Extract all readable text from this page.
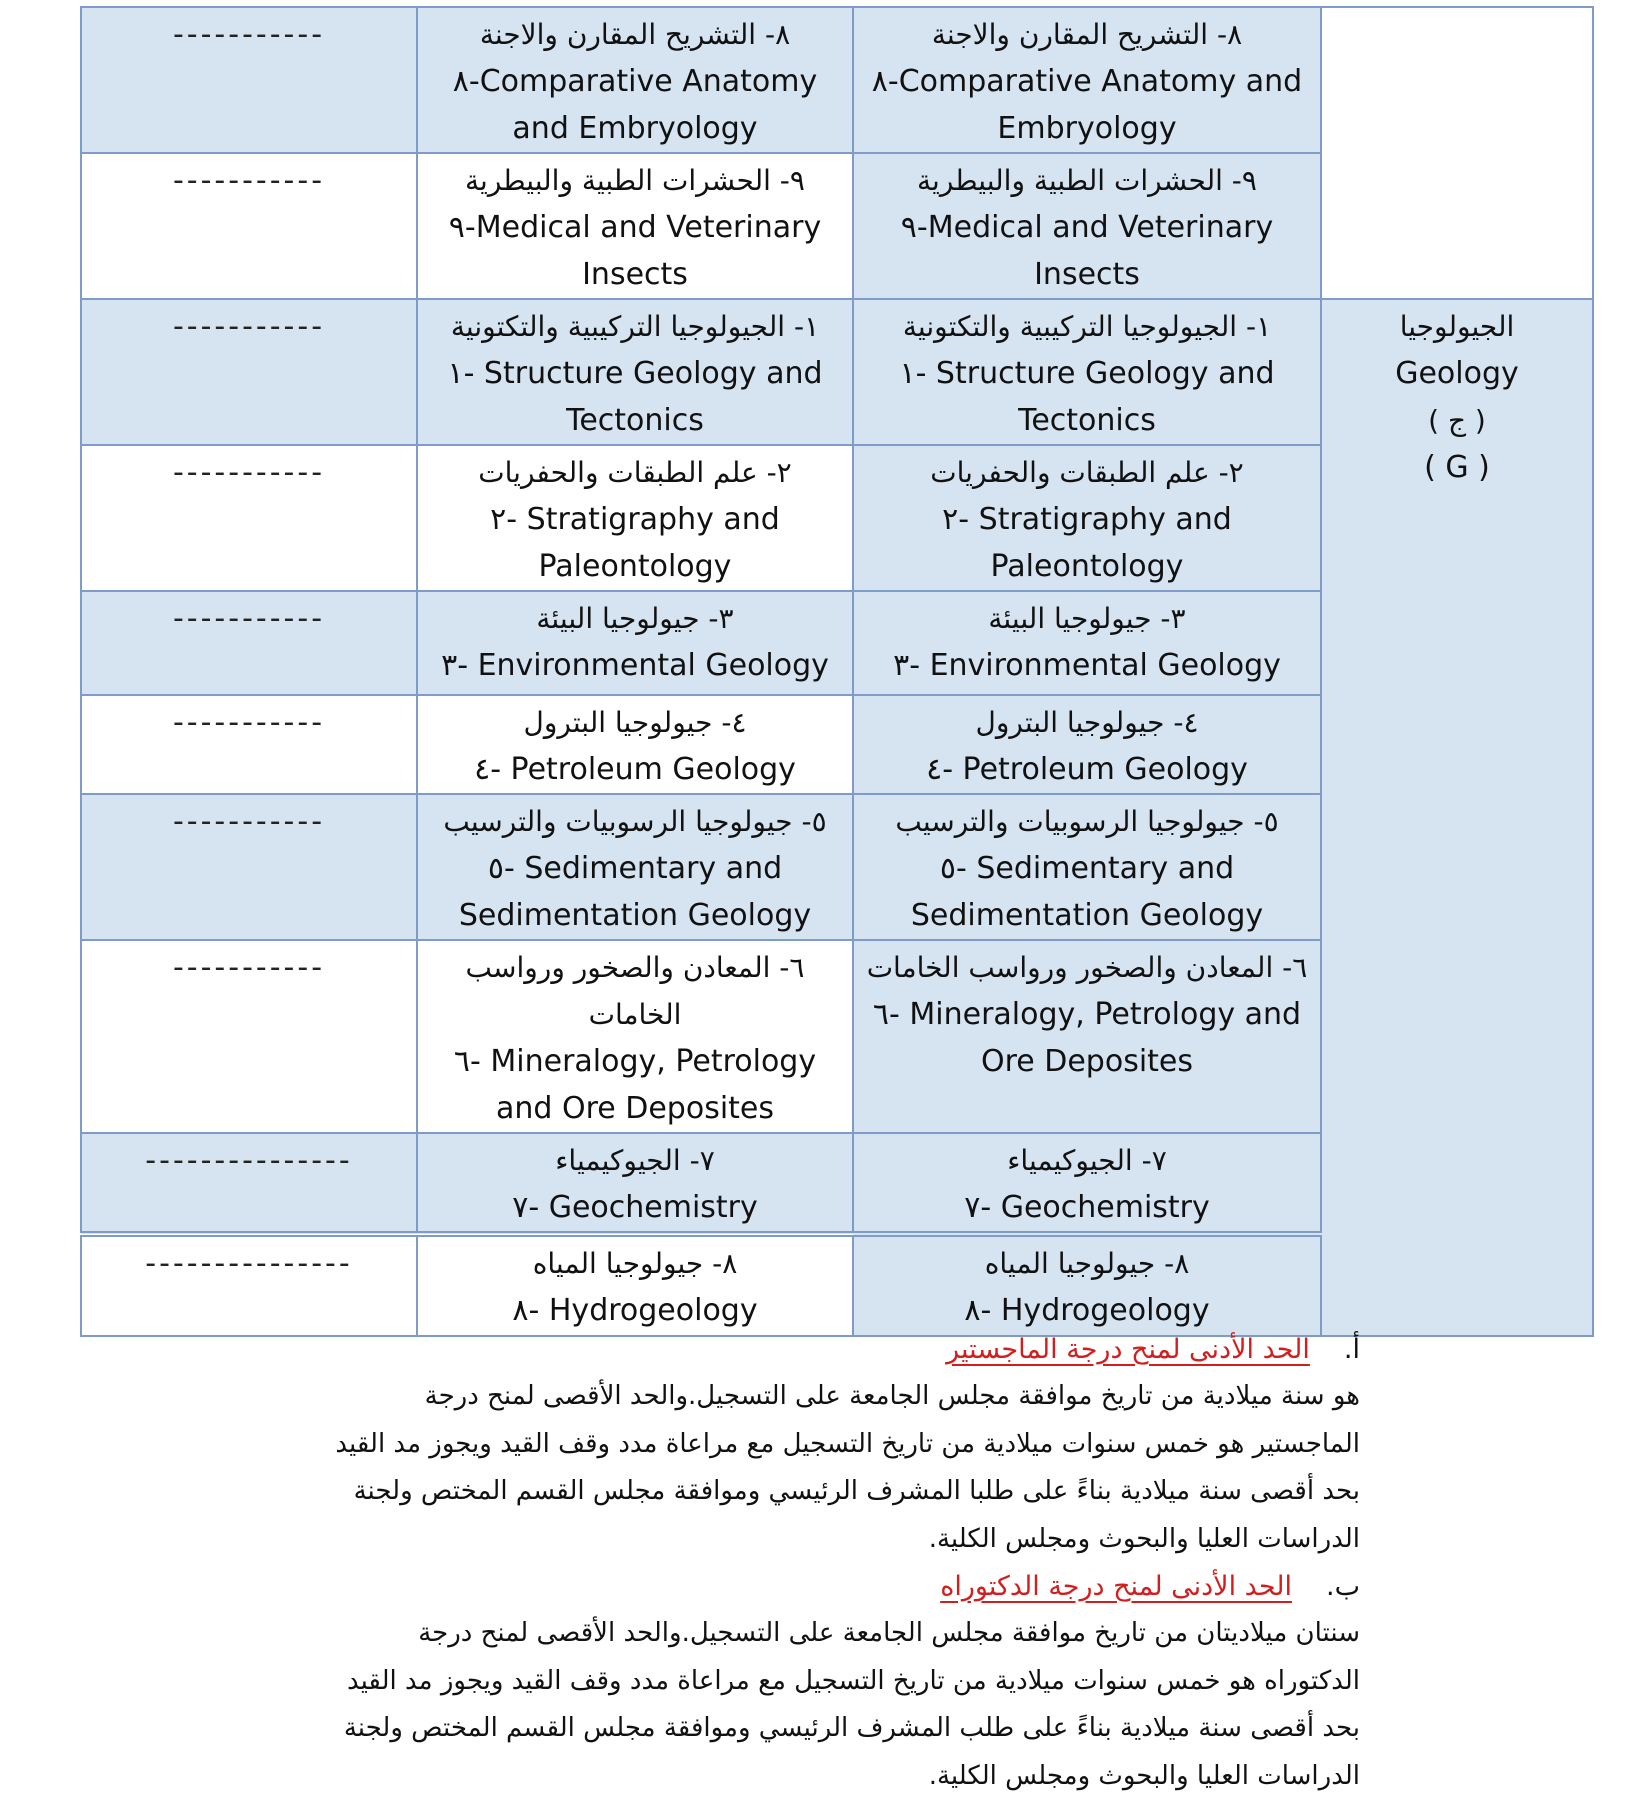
-----------	٨- التشريح المقارن والاجنة
٨-Comparative Anatomy
and Embryology	٨- التشريح المقارن والاجنة
٨-Comparative Anatomy and
Embryology	

-----------	٩- الحشرات الطبية والبيطرية
٩-Medical and Veterinary
Insects	٩- الحشرات الطبية والبيطرية
٩-Medical and Veterinary
Insects	

-----------	١- الجيولوجيا التركيبية والتكتونية
١- Structure Geology and
Tectonics	١- الجيولوجيا التركيبية والتكتونية
١- Structure Geology and
Tectonics	الجيولوجيا
Geology
( ج )
( G )

-----------	٢- علم الطبقات والحفريات
٢- Stratigraphy and
Paleontology	٢- علم الطبقات والحفريات
٢- Stratigraphy and
Paleontology	

-----------	٣- جيولوجيا البيئة
٣- Environmental Geology	٣- جيولوجيا البيئة
٣- Environmental Geology	

-----------	٤- جيولوجيا البترول
٤- Petroleum Geology	٤- جيولوجيا البترول
٤- Petroleum Geology	

-----------	٥- جيولوجيا الرسوبيات والترسيب
٥- Sedimentary and
Sedimentation Geology	٥- جيولوجيا الرسوبيات والترسيب
٥- Sedimentary and
Sedimentation Geology	

-----------	٦- المعادن والصخور ورواسب
الخامات
٦- Mineralogy, Petrology
and Ore Deposites	٦- المعادن والصخور ورواسب الخامات
٦- Mineralogy, Petrology and
Ore Deposites	

---------------	٧- الجيوكيمياء
٧- Geochemistry	٧- الجيوكيمياء
٧- Geochemistry	

---------------	٨- جيولوجيا المياه
٨- Hydrogeology	٨- جيولوجيا المياه
٨- Hydrogeology	
أ.الحد الأدنى لمنح درجة الماجستير
هو سنة ميلادية من تاريخ موافقة مجلس الجامعة على التسجيل.والحد الأقصى لمنح درجة
الماجستير هو خمس سنوات ميلادية من تاريخ التسجيل مع مراعاة مدد وقف القيد ويجوز مد القيد
بحد أقصى سنة ميلادية بناءً على طلبا المشرف الرئيسي وموافقة مجلس القسم المختص ولجنة
الدراسات العليا والبحوث ومجلس الكلية.
ب.الحد الأدنى لمنح درجة الدكتوراه
سنتان ميلاديتان من تاريخ موافقة مجلس الجامعة على التسجيل.والحد الأقصى لمنح درجة
الدكتوراه هو خمس سنوات ميلادية من تاريخ التسجيل مع مراعاة مدد وقف القيد ويجوز مد القيد
بحد أقصى سنة ميلادية بناءً على طلب المشرف الرئيسي وموافقة مجلس القسم المختص ولجنة
الدراسات العليا والبحوث ومجلس الكلية.
